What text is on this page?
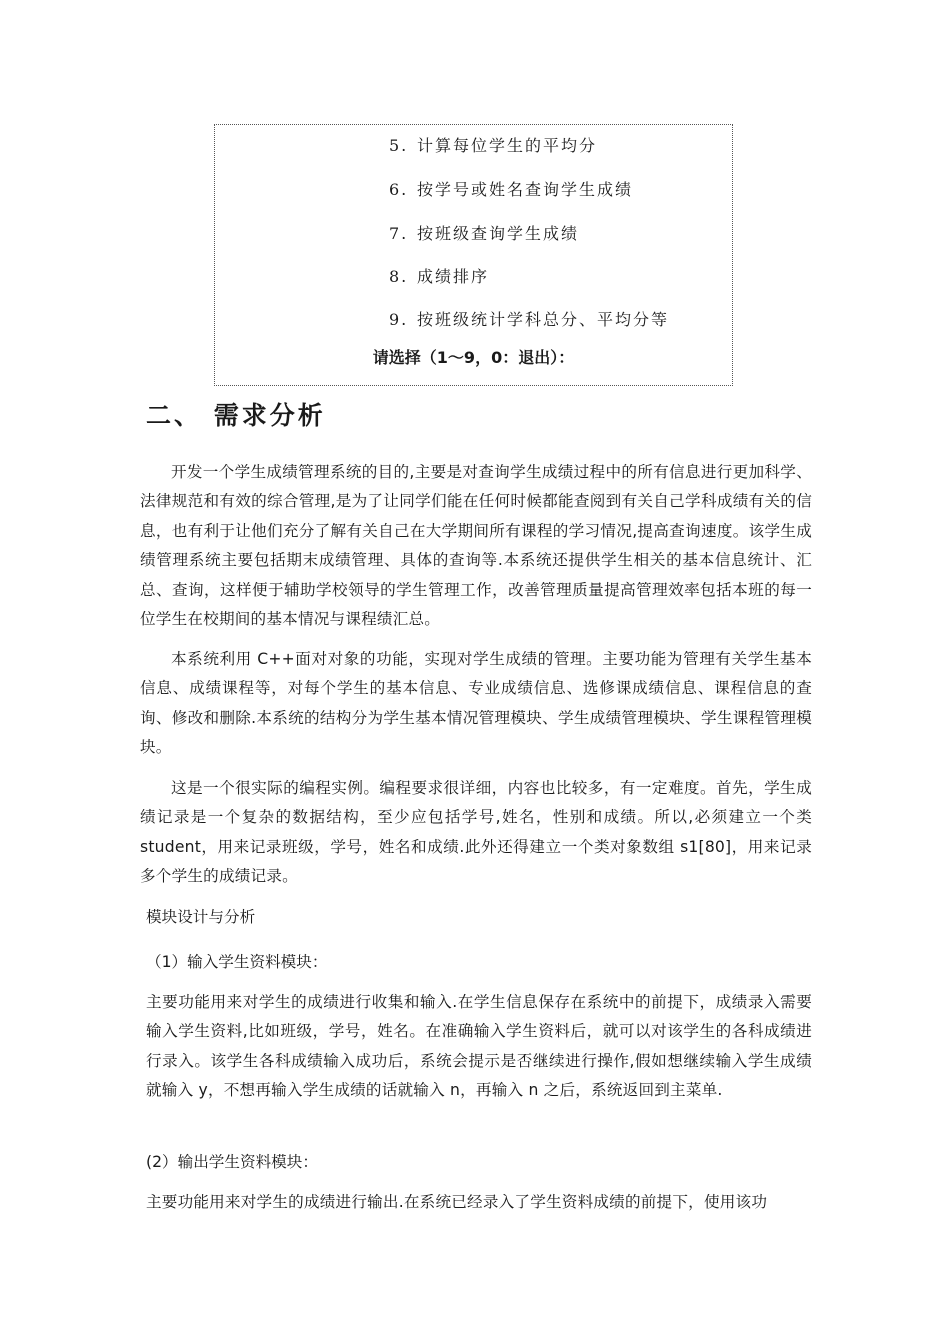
5. 计算每位学生的平均分
6. 按学号或姓名查询学生成绩
7. 按班级查询学生成绩
8. 成绩排序
9. 按班级统计学科总分、平均分等
请选择（1～9，0：退出）：
二、 需求分析

开发一个学生成绩管理系统的目的,主要是对查询学生成绩过程中的所有信息进行更加科学、法律规范和有效的综合管理,是为了让同学们能在任何时候都能查阅到有关自己学科成绩有关的信息，也有利于让他们充分了解有关自己在大学期间所有课程的学习情况,提高查询速度。该学生成绩管理系统主要包括期末成绩管理、具体的查询等.本系统还提供学生相关的基本信息统计、汇总、查询，这样便于辅助学校领导的学生管理工作，改善管理质量提高管理效率包括本班的每一位学生在校期间的基本情况与课程绩汇总。

本系统利用 C++面对对象的功能，实现对学生成绩的管理。主要功能为管理有关学生基本信息、成绩课程等，对每个学生的基本信息、专业成绩信息、选修课成绩信息、课程信息的查询、修改和删除.本系统的结构分为学生基本情况管理模块、学生成绩管理模块、学生课程管理模块。

这是一个很实际的编程实例。编程要求很详细，内容也比较多，有一定难度。首先，学生成绩记录是一个复杂的数据结构，至少应包括学号,姓名，性别和成绩。所以,必须建立一个类 student，用来记录班级，学号，姓名和成绩.此外还得建立一个类对象数组 s1[80]，用来记录多个学生的成绩记录。

模块设计与分析
（1）输入学生资料模块：

主要功能用来对学生的成绩进行收集和输入.在学生信息保存在系统中的前提下，成绩录入需要输入学生资料,比如班级，学号，姓名。在准确输入学生资料后，就可以对该学生的各科成绩进行录入。该学生各科成绩输入成功后，系统会提示是否继续进行操作,假如想继续输入学生成绩就输入 y，不想再输入学生成绩的话就输入 n，再输入 n 之后，系统返回到主菜单.

(2）输出学生资料模块：

主要功能用来对学生的成绩进行输出.在系统已经录入了学生资料成绩的前提下，使用该功
